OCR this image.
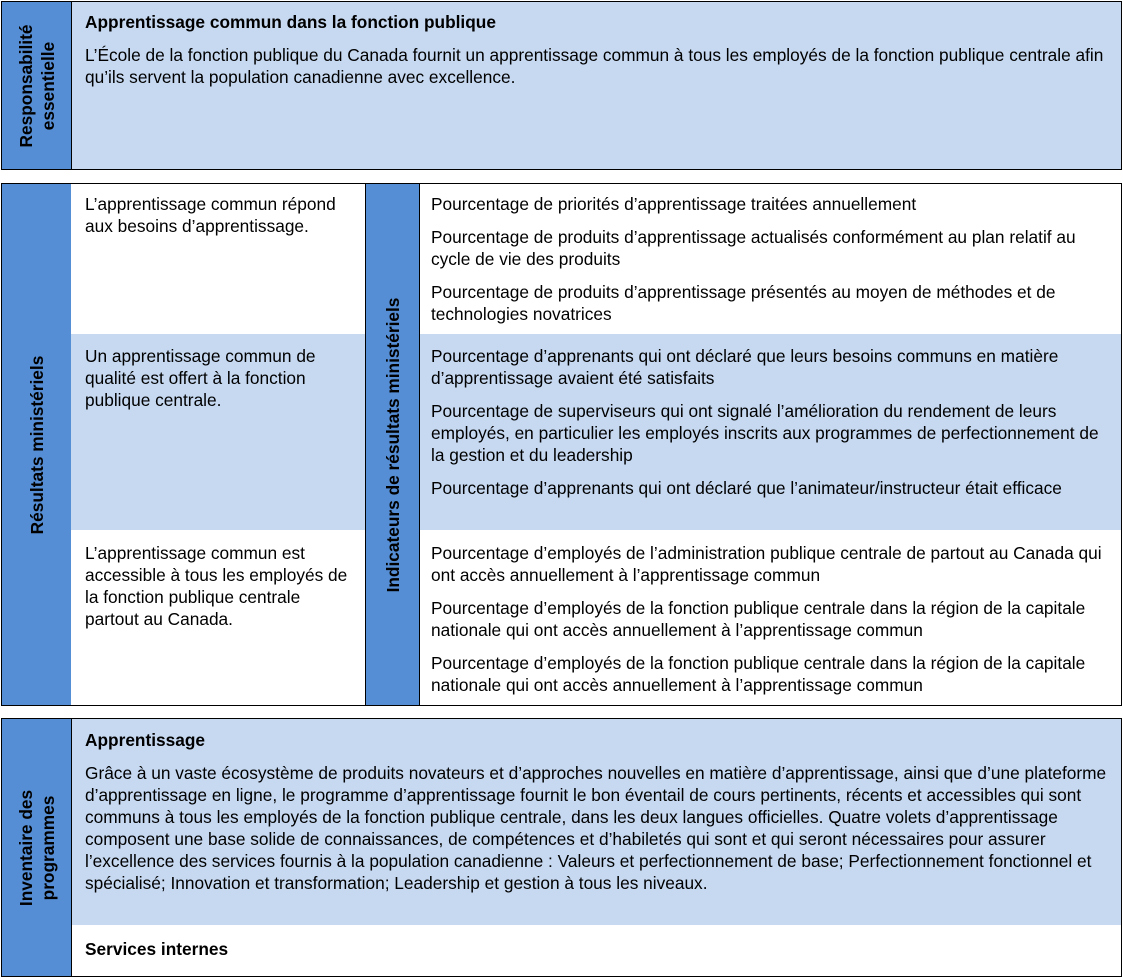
Responsabilité essentielle
Apprentissage commun dans la fonction publique
L’École de la fonction publique du Canada fournit un apprentissage commun à tous les employés de la fonction publique centrale afin qu’ils servent la population canadienne avec excellence.
Résultats ministériels	Indicateurs de résultats ministériels
L’apprentissage commun répond aux besoins d’apprentissage.
Un apprentissage commun de qualité est offert à la fonction publique centrale.
L’apprentissage commun est accessible à tous les employés de la fonction publique centrale partout au Canada.
Pourcentage de priorités d’apprentissage traitées annuellement
Pourcentage de produits d’apprentissage actualisés conformément au plan relatif au cycle de vie des produits
Pourcentage de produits d’apprentissage présentés au moyen de méthodes et de technologies novatrices
Pourcentage d’apprenants qui ont déclaré que leurs besoins communs en matière d’apprentissage avaient été satisfaits
Pourcentage de superviseurs qui ont signalé l’amélioration du rendement de leurs employés, en particulier les employés inscrits aux programmes de perfectionnement de la gestion et du leadership
Pourcentage d’apprenants qui ont déclaré que l’animateur/instructeur était efficace
Pourcentage d’employés de l’administration publique centrale de partout au Canada qui ont accès annuellement à l’apprentissage commun
Pourcentage d’employés de la fonction publique centrale dans la région de la capitale nationale qui ont accès annuellement à l’apprentissage commun
Pourcentage d’employés de la fonction publique centrale dans la région de la capitale nationale qui ont accès annuellement à l’apprentissage commun
Inventaire des programmes
Apprentissage
Grâce à un vaste écosystème de produits novateurs et d’approches nouvelles en matière d’apprentissage, ainsi que d’une plateforme d’apprentissage en ligne, le programme d’apprentissage fournit le bon éventail de cours pertinents, récents et accessibles qui sont communs à tous les employés de la fonction publique centrale, dans les deux langues officielles. Quatre volets d’apprentissage composent une base solide de connaissances, de compétences et d’habiletés qui sont et qui seront nécessaires pour assurer l’excellence des services fournis à la population canadienne : Valeurs et perfectionnement de base; Perfectionnement fonctionnel et spécialisé; Innovation et transformation; Leadership et gestion à tous les niveaux.
Services internes
